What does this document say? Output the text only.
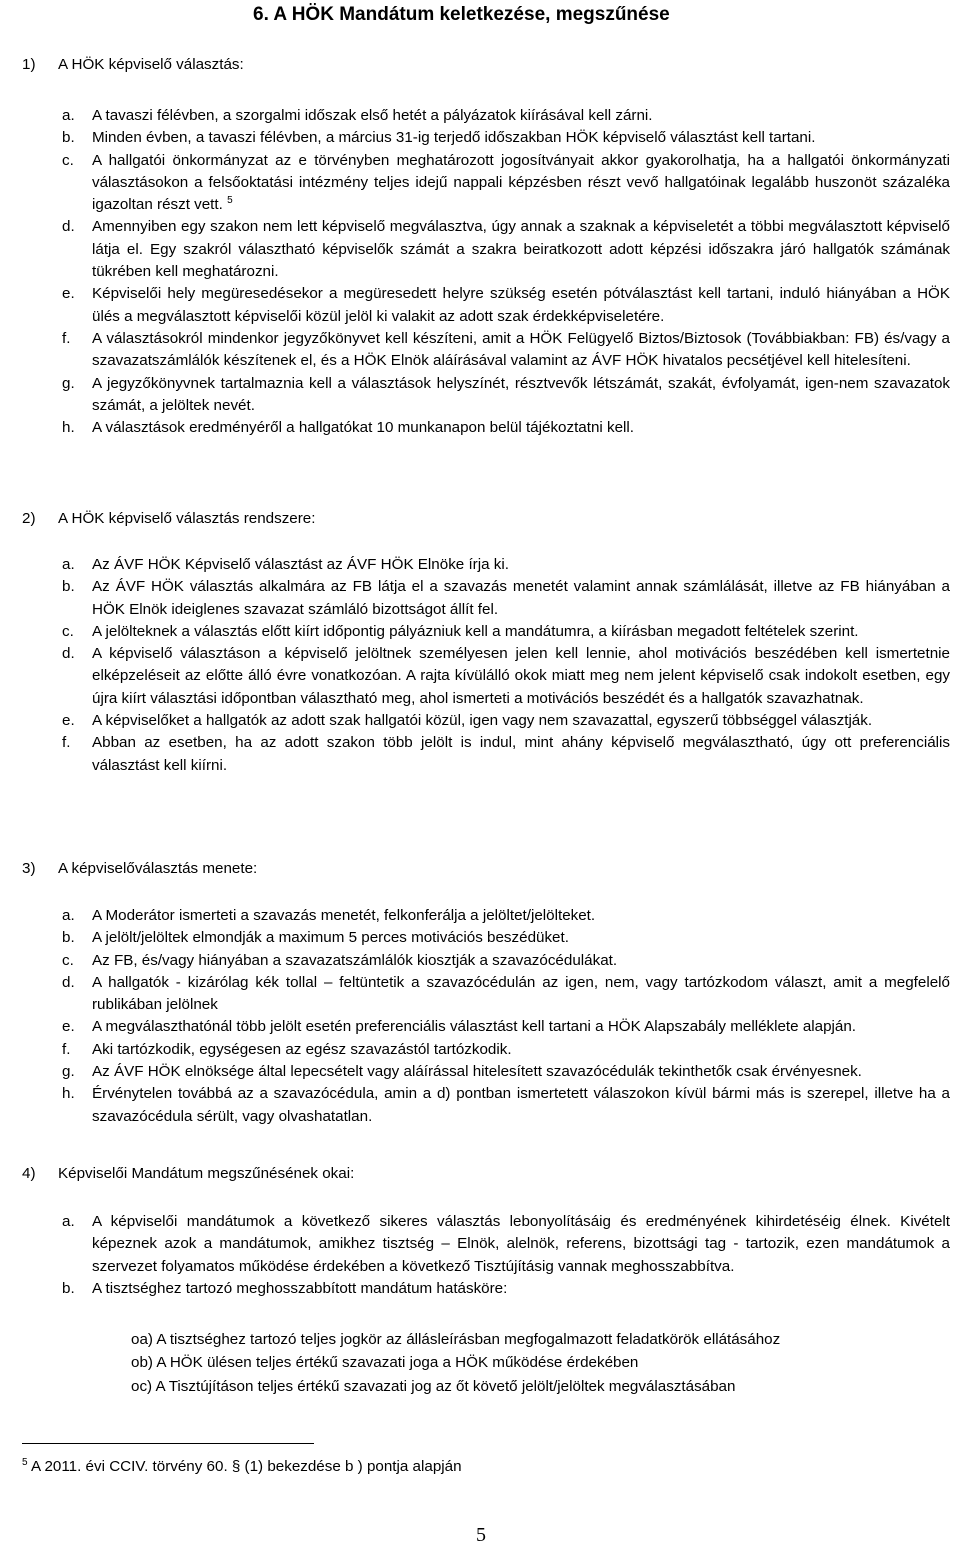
6. A HÖK Mandátum keletkezése, megszűnése
1) A HÖK képviselő választás:
a.	A tavaszi félévben, a szorgalmi időszak első hetét a pályázatok kiírásával kell zárni.
b.	Minden évben, a tavaszi félévben, a március 31-ig terjedő időszakban HÖK képviselő választást kell tartani.
c.	A hallgatói önkormányzat az e törvényben meghatározott jogosítványait akkor gyakorolhatja, ha a hallgatói önkormányzati választásokon a felsőoktatási intézmény teljes idejű nappali képzésben részt vevő hallgatóinak legalább huszonöt százaléka igazoltan részt vett. $^5$
d.	Amennyiben egy szakon nem lett képviselő megválasztva, úgy annak a szaknak a képviseletét a többi megválasztott képviselő látja el. Egy szakról választható képviselők számát a szakra beiratkozott adott képzési időszakra járó hallgatók számának tükrében kell meghatározni.
e.	Képviselői hely megüresedésekor a megüresedett helyre szükség esetén pótválasztást kell tartani, induló hiányában a HÖK ülés a megválasztott képviselői közül jelöl ki valakit az adott szak érdekképviseletére.
f.	A választásokról mindenkor jegyzőkönyvet kell készíteni, amit a HÖK Felügyelő Biztos/Biztosok (Továbbiakban: FB) és/vagy a szavazatszámlálók készítenek el, és a HÖK Elnök aláírásával valamint az ÁVF HÖK hivatalos pecsétjével kell hitelesíteni.
g.	A jegyzőkönyvnek tartalmaznia kell a választások helyszínét, résztvevők létszámát, szakát, évfolyamát, igen-nem szavazatok számát, a jelöltek nevét.
h.	A választások eredményéről a hallgatókat 10 munkanapon belül tájékoztatni kell.
2) A HÖK képviselő választás rendszere:
a.	Az ÁVF HÖK Képviselő választást az ÁVF HÖK Elnöke írja ki.
b.	Az ÁVF HÖK választás alkalmára az FB látja el a szavazás menetét valamint annak számlálását, illetve az FB hiányában a HÖK Elnök ideiglenes szavazat számláló bizottságot állít fel.
c.	A jelölteknek a választás előtt kiírt időpontig pályázniuk kell a mandátumra, a kiírásban megadott feltételek szerint.
d.	A képviselő választáson a képviselő jelöltnek személyesen jelen kell lennie, ahol motivációs beszédében kell ismertetnie elképzeléseit az előtte álló évre vonatkozóan. A rajta kívülálló okok miatt meg nem jelent képviselő csak indokolt esetben, egy újra kiírt választási időpontban választható meg, ahol ismerteti a motivációs beszédét és a hallgatók szavazhatnak.
e.	A képviselőket a hallgatók az adott szak hallgatói közül, igen vagy nem szavazattal, egyszerű többséggel választják.
f.	Abban az esetben, ha az adott szakon több jelölt is indul, mint ahány képviselő megválasztható, úgy ott preferenciális választást kell kiírni.
3) A képviselőválasztás menete:
a.	A Moderátor ismerteti a szavazás menetét, felkonferálja a jelöltet/jelölteket.
b.	A jelölt/jelöltek elmondják a maximum 5 perces motivációs beszédüket.
c.	Az FB, és/vagy hiányában a szavazatszámlálók kiosztják a szavazócédulákat.
d.	A hallgatók - kizárólag kék tollal – feltüntetik a szavazócédulán az igen, nem, vagy tartózkodom választ, amit a megfelelő rublikában jelölnek
e.	A megválaszthatónál több jelölt esetén preferenciális választást kell tartani a HÖK Alapszabály melléklete alapján.
f.	Aki tartózkodik, egységesen az egész szavazástól tartózkodik.
g.	Az ÁVF HÖK elnöksége által lepecsételt vagy aláírással hitelesített szavazócédulák tekinthetők csak érvényesnek.
h.	Érvénytelen továbbá az a szavazócédula, amin a d) pontban ismertetett válaszokon kívül bármi más is szerepel, illetve ha a szavazócédula sérült, vagy olvashatatlan.
4) Képviselői Mandátum megszűnésének okai:
a.	A képviselői mandátumok a következő sikeres választás lebonyolításáig és eredményének kihirdetéséig élnek. Kivételt képeznek azok a mandátumok, amikhez tisztség – Elnök, alelnök, referens, bizottsági tag - tartozik, ezen mandátumok a szervezet folyamatos működése érdekében a következő Tisztújításig vannak meghosszabbítva.
b.	A tisztséghez tartozó meghosszabbított mandátum hatásköre:
oa) A tisztséghez tartozó teljes jogkör az állásleírásban megfogalmazott feladatkörök ellátásához
ob) A HÖK ülésen teljes értékű szavazati joga a HÖK működése érdekében
oc) A Tisztújításon teljes értékű szavazati jog az őt követő jelölt/jelöltek megválasztásában
$^5$ A 2011. évi CCIV. törvény 60. § (1) bekezdése b ) pontja alapján
5
